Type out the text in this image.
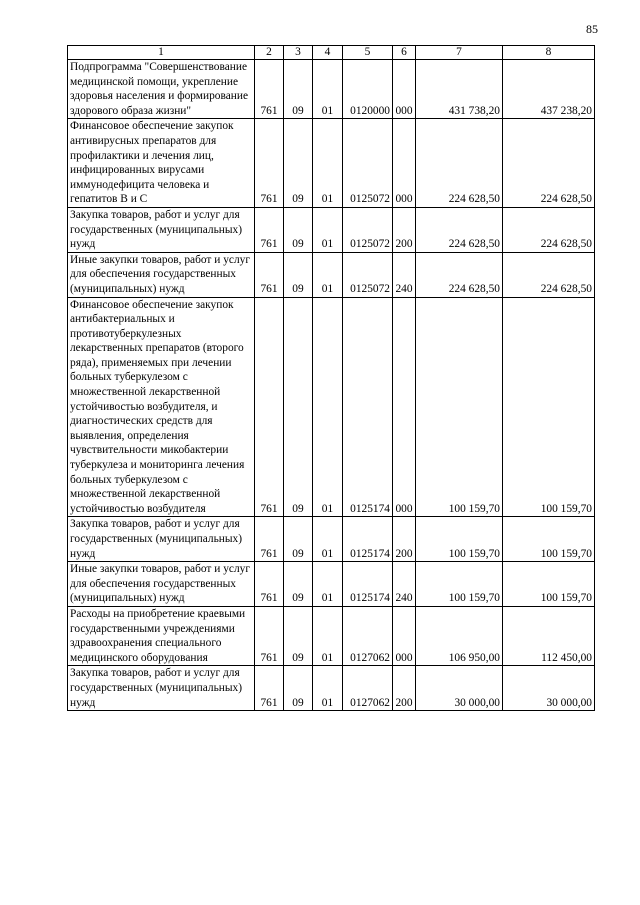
85
1	2	3	4	5	6	7	8
Подпрограмма "Совершенствование медицинской помощи, укрепление здоровья населения и формирование здорового образа жизни"	761	09	01	0120000	000	431 738,20	437 238,20
Финансовое обеспечение закупок антивирусных препаратов для профилактики и лечения лиц, инфицированных вирусами иммунодефицита человека и гепатитов B и C	761	09	01	0125072	000	224 628,50	224 628,50
Закупка товаров, работ и услуг для государственных (муниципальных) нужд	761	09	01	0125072	200	224 628,50	224 628,50
Иные закупки товаров, работ и услуг для обеспечения государственных (муниципальных) нужд	761	09	01	0125072	240	224 628,50	224 628,50
Финансовое обеспечение закупок антибактериальных и противотуберкулезных лекарственных препаратов (второго ряда), применяемых при лечении больных туберкулезом с множественной лекарственной устойчивостью возбудителя, и диагностических средств для выявления, определения чувствительности микобактерии туберкулеза и мониторинга лечения больных туберкулезом с множественной лекарственной устойчивостью возбудителя	761	09	01	0125174	000	100 159,70	100 159,70
Закупка товаров, работ и услуг для государственных (муниципальных) нужд	761	09	01	0125174	200	100 159,70	100 159,70
Иные закупки товаров, работ и услуг для обеспечения государственных (муниципальных) нужд	761	09	01	0125174	240	100 159,70	100 159,70
Расходы на приобретение краевыми государственными учреждениями здравоохранения специального медицинского оборудования	761	09	01	0127062	000	106 950,00	112 450,00
Закупка товаров, работ и услуг для государственных (муниципальных) нужд	761	09	01	0127062	200	30 000,00	30 000,00
